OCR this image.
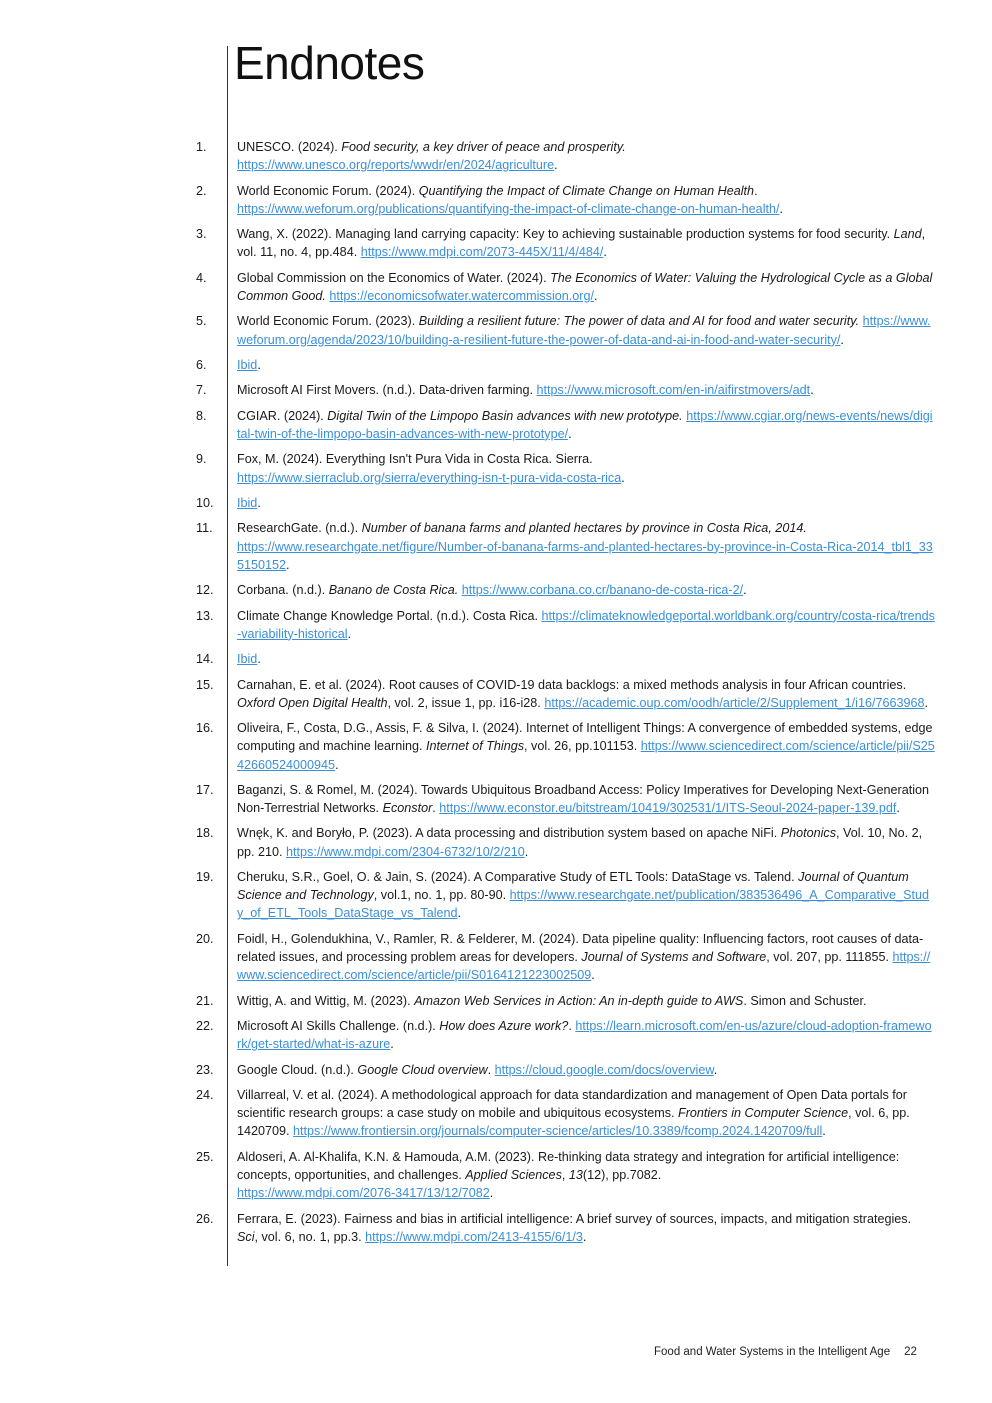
Endnotes
1. UNESCO. (2024). Food security, a key driver of peace and prosperity.
https://www.unesco.org/reports/wwdr/en/2024/agriculture.
2. World Economic Forum. (2024). Quantifying the Impact of Climate Change on Human Health.
https://www.weforum.org/publications/quantifying-the-impact-of-climate-change-on-human-health/.
3. Wang, X. (2022). Managing land carrying capacity: Key to achieving sustainable production systems for food security. Land, vol. 11, no. 4, pp.484. https://www.mdpi.com/2073-445X/11/4/484/.
4. Global Commission on the Economics of Water. (2024). The Economics of Water: Valuing the Hydrological Cycle as a Global Common Good. https://economicsofwater.watercommission.org/.
5. World Economic Forum. (2023). Building a resilient future: The power of data and AI for food and water security. https://www.weforum.org/agenda/2023/10/building-a-resilient-future-the-power-of-data-and-ai-in-food-and-water-security/.
6. Ibid.
7. Microsoft AI First Movers. (n.d.). Data-driven farming. https://www.microsoft.com/en-in/aifirstmovers/adt.
8. CGIAR. (2024). Digital Twin of the Limpopo Basin advances with new prototype. https://www.cgiar.org/news-events/news/digital-twin-of-the-limpopo-basin-advances-with-new-prototype/.
9. Fox, M. (2024). Everything Isn't Pura Vida in Costa Rica. Sierra.
https://www.sierraclub.org/sierra/everything-isn-t-pura-vida-costa-rica.
10. Ibid.
11. ResearchGate. (n.d.). Number of banana farms and planted hectares by province in Costa Rica, 2014.
https://www.researchgate.net/figure/Number-of-banana-farms-and-planted-hectares-by-province-in-Costa-Rica-2014_tbl1_335150152.
12. Corbana. (n.d.). Banano de Costa Rica. https://www.corbana.co.cr/banano-de-costa-rica-2/.
13. Climate Change Knowledge Portal. (n.d.). Costa Rica. https://climateknowledgeportal.worldbank.org/country/costa-rica/trends-variability-historical.
14. Ibid.
15. Carnahan, E. et al. (2024). Root causes of COVID-19 data backlogs: a mixed methods analysis in four African countries. Oxford Open Digital Health, vol. 2, issue 1, pp. i16-i28. https://academic.oup.com/oodh/article/2/Supplement_1/i16/7663968.
16. Oliveira, F., Costa, D.G., Assis, F. & Silva, I. (2024). Internet of Intelligent Things: A convergence of embedded systems, edge computing and machine learning. Internet of Things, vol. 26, pp.101153. https://www.sciencedirect.com/science/article/pii/S2542660524000945.
17. Baganzi, S. & Romel, M. (2024). Towards Ubiquitous Broadband Access: Policy Imperatives for Developing Next-Generation Non-Terrestrial Networks. Econstor. https://www.econstor.eu/bitstream/10419/302531/1/ITS-Seoul-2024-paper-139.pdf.
18. Wnęk, K. and Boryło, P. (2023). A data processing and distribution system based on apache NiFi. Photonics, Vol. 10, No. 2, pp. 210. https://www.mdpi.com/2304-6732/10/2/210.
19. Cheruku, S.R., Goel, O. & Jain, S. (2024). A Comparative Study of ETL Tools: DataStage vs. Talend. Journal of Quantum Science and Technology, vol.1, no. 1, pp. 80-90. https://www.researchgate.net/publication/383536496_A_Comparative_Study_of_ETL_Tools_DataStage_vs_Talend.
20. Foidl, H., Golendukhina, V., Ramler, R. & Felderer, M. (2024). Data pipeline quality: Influencing factors, root causes of data-related issues, and processing problem areas for developers. Journal of Systems and Software, vol. 207, pp. 111855. https://www.sciencedirect.com/science/article/pii/S0164121223002509.
21. Wittig, A. and Wittig, M. (2023). Amazon Web Services in Action: An in-depth guide to AWS. Simon and Schuster.
22. Microsoft AI Skills Challenge. (n.d.). How does Azure work?. https://learn.microsoft.com/en-us/azure/cloud-adoption-framework/get-started/what-is-azure.
23. Google Cloud. (n.d.). Google Cloud overview. https://cloud.google.com/docs/overview.
24. Villarreal, V. et al. (2024). A methodological approach for data standardization and management of Open Data portals for scientific research groups: a case study on mobile and ubiquitous ecosystems. Frontiers in Computer Science, vol. 6, pp. 1420709. https://www.frontiersin.org/journals/computer-science/articles/10.3389/fcomp.2024.1420709/full.
25. Aldoseri, A. Al-Khalifa, K.N. & Hamouda, A.M. (2023). Re-thinking data strategy and integration for artificial intelligence: concepts, opportunities, and challenges. Applied Sciences, 13(12), pp.7082.
https://www.mdpi.com/2076-3417/13/12/7082.
26. Ferrara, E. (2023). Fairness and bias in artificial intelligence: A brief survey of sources, impacts, and mitigation strategies. Sci, vol. 6, no. 1, pp.3. https://www.mdpi.com/2413-4155/6/1/3.
Food and Water Systems in the Intelligent Age 22
